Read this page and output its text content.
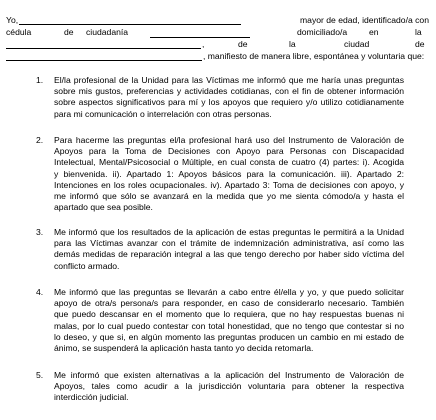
Yo,	mayor de edad, identificado/a con
cédula	de ciudadanía	domiciliado/a	en	la
,	de	la	ciudad	de
, manifiesto de manera libre, espontánea y voluntaria que:
1. El/la profesional de la Unidad para las Víctimas me informó que me haría unas preguntas
sobre mis gustos, preferencias y actividades cotidianas, con el fin de obtener información
sobre aspectos significativos para mí y los apoyos que requiero y/o utilizo cotidianamente
para mi comunicación o interrelación con otras personas.
2. Para hacerme las preguntas el/la profesional hará uso del Instrumento de Valoración de
Apoyos para la Toma de Decisiones con Apoyo para Personas con Discapacidad
Intelectual, Mental/Psicosocial o Múltiple, en cual consta de cuatro (4) partes: i). Acogida
y bienvenida. ii). Apartado 1: Apoyos básicos para la comunicación. iii). Apartado 2:
Intenciones en los roles ocupacionales. iv). Apartado 3: Toma de decisiones con apoyo, y
me informó que sólo se avanzará en la medida que yo me sienta cómodo/a y hasta el
apartado que sea posible.
3. Me informó que los resultados de la aplicación de estas preguntas le permitirá a la Unidad
para las Víctimas avanzar con el trámite de indemnización administrativa, así como las
demás medidas de reparación integral a las que tengo derecho por haber sido víctima del
conflicto armado.
4. Me informó que las preguntas se llevarán a cabo entre él/ella y yo, y que puedo solicitar
apoyo de otra/s persona/s para responder, en caso de considerarlo necesario. También
que puedo descansar en el momento que lo requiera, que no hay respuestas buenas ni
malas, por lo cual puedo contestar con total honestidad, que no tengo que contestar si no
lo deseo, y que si, en algún momento las preguntas producen un cambio en mi estado de
ánimo, se suspenderá la aplicación hasta tanto yo decida retomarla.
5. Me informó que existen alternativas a la aplicación del Instrumento de Valoración de
Apoyos, tales como acudir a la jurisdicción voluntaria para obtener la respectiva
interdicción judicial.
